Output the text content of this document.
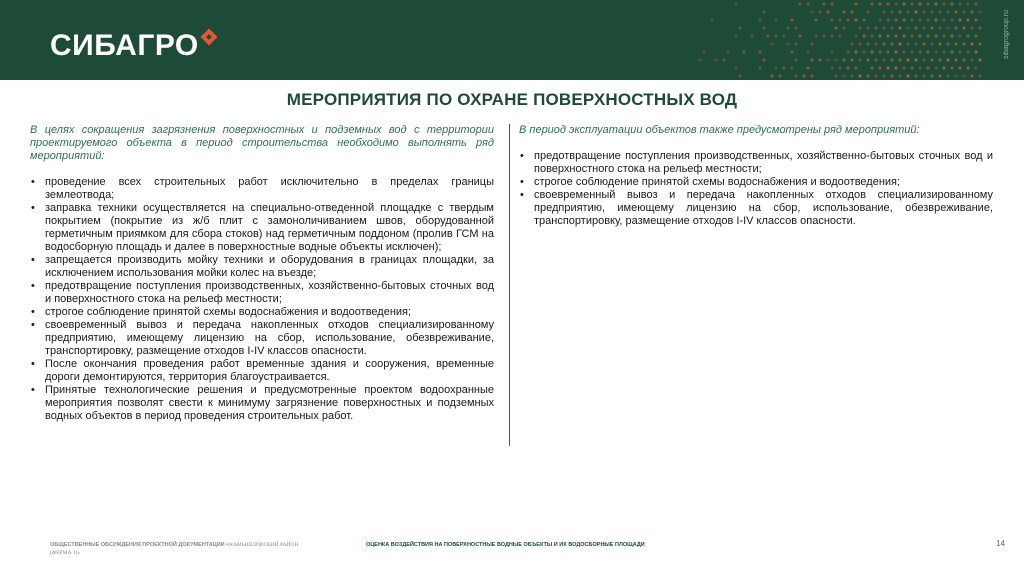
СИБАГРО	sibagrogroup.ru
МЕРОПРИЯТИЯ ПО ОХРАНЕ ПОВЕРХНОСТНЫХ ВОД

В целях сокращения загрязнения поверхностных и подземных вод с территории проектируемого объекта в период строительства необходимо выполнять ряд мероприятий:

• проведение всех строительных работ исключительно в пределах границы землеотвода;
• заправка техники осуществляется на специально-отведенной площадке с твердым покрытием (покрытие из ж/б плит с замоноличиванием швов, оборудованной герметичным приямком для сбора стоков) над герметичным поддоном (пролив ГСМ на водосборную площадь и далее в поверхностные водные объекты исключен);
• запрещается производить мойку техники и оборудования в границах площадки, за исключением использования мойки колес на въезде;
• предотвращение поступления производственных, хозяйственно-бытовых сточных вод и поверхностного стока на рельеф местности;
• строгое соблюдение принятой схемы водоснабжения и водоотведения;
• своевременный вывоз и передача накопленных отходов специализированному предприятию, имеющему лицензию на сбор, использование, обезвреживание, транспортировку, размещение отходов I-IV классов опасности.
• После окончания проведения работ временные здания и сооружения, временные дороги демонтируются, территория благоустраивается.
• Принятые технологические решения и предусмотренные проектом водоохранные мероприятия позволят свести к минимуму загрязнение поверхностных и подземных водных объектов в период проведения строительных работ.

В период эксплуатации объектов также предусмотрены ряд мероприятий:

• предотвращение поступления производственных, хозяйственно-бытовых сточных вод и поверхностного стока на рельеф местности;
• строгое соблюдение принятой схемы водоснабжения и водоотведения;
• своевременный вывоз и передача накопленных отходов специализированному предприятию, имеющему лицензию на сбор, использование, обезвреживание, транспортировку, размещение отходов I-IV классов опасности.
ОБЩЕСТВЕННЫЕ ОБСУЖДЕНИЯ ПРОЕКТНОЙ ДОКУМЕНТАЦИИ «КАМЫШЛОВСКИЙ РАЙОН
(ФЕРМА 1)»
ОЦЕНКА ВОЗДЕЙСТВИЯ НА ПОВЕРХНОСТНЫЕ ВОДНЫЕ ОБЪЕКТЫ И ИХ ВОДОСБОРНЫЕ ПЛОЩАДИ	14
